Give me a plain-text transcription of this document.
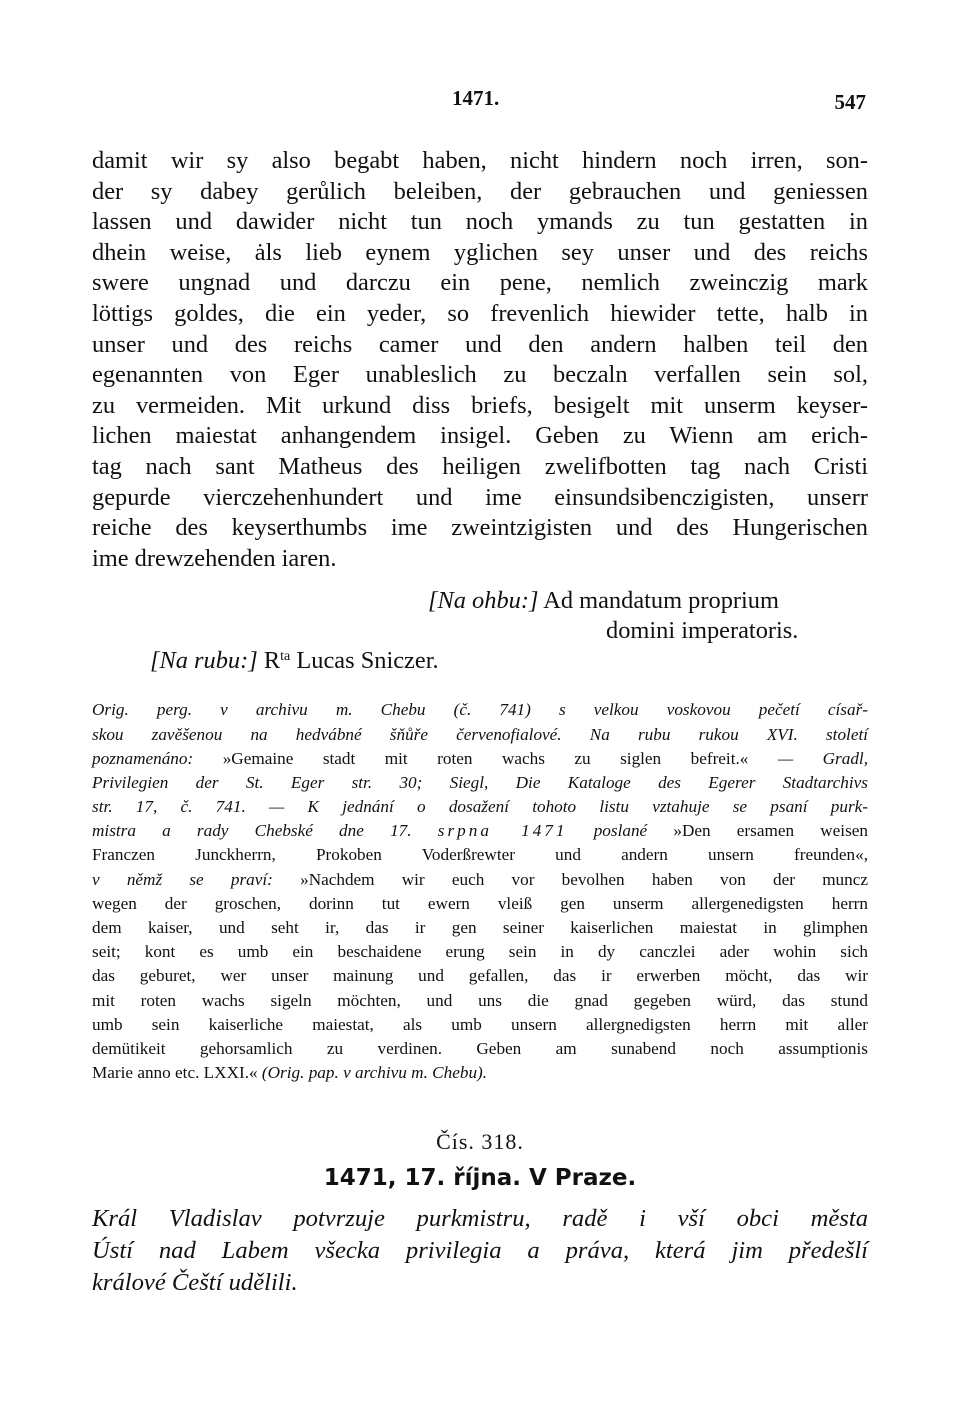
1471.	547
damit wir sy also begabt haben, nicht hindern noch irren, son-
der sy dabey gerůlich beleiben, der gebrauchen und geniessen
lassen und dawider nicht tun noch ymands zu tun gestatten in
dhein weise, ȧls lieb eynem yglichen sey unser und des reichs
swere ungnad und darczu ein pene, nemlich zweinczig mark
löttigs goldes, die ein yeder, so frevenlich hiewider tette, halb in
unser und des reichs camer und den andern halben teil den
egenannten von Eger unableslich zu beczaln verfallen sein sol,
zu vermeiden. Mit urkund diss briefs, besigelt mit unserm keyser-
lichen maiestat anhangendem insigel. Geben zu Wienn am erich-
tag nach sant Matheus des heiligen zwelifbotten tag nach Cristi
gepurde vierczehenhundert und ime einsundsibenczigisten, unserr
reiche des keyserthumbs ime zweintzigisten und des Hungerischen
ime drewzehenden iaren.
[Na ohbu:] Ad mandatum proprium
domini imperatoris.
[Na rubu:] $R^{ta}$ Lucas Sniczer.
Orig. perg. v archivu m. Chebu (č. 741) s velkou voskovou pečetí císař-
skou zavěšenou na hedvábné šňůře červenofialové. Na rubu rukou XVI. století
poznamenáno: »Gemaine stadt mit roten wachs zu siglen befreit.« — Gradl,
Privilegien der St. Eger str. 30; Siegl, Die Kataloge des Egerer Stadtarchivs
str. 17, č. 741. — K jednání o dosažení tohoto listu vztahuje se psaní purk-
mistra a rady Chebské dne 17. srpna 1471 poslané »Den ersamen weisen
Franczen Junckherrn, Prokoben Voderßrewter und andern unsern freunden«,
v němž se praví: »Nachdem wir euch vor bevolhen haben von der muncz
wegen der groschen, dorinn tut ewern vleiß gen unserm allergenedigsten herrn
dem kaiser, und seht ir, das ir gen seiner kaiserlichen maiestat in glimphen
seit; kont es umb ein beschaidene erung sein in dy canczlei ader wohin sich
das geburet, wer unser mainung und gefallen, das ir erwerben möcht, das wir
mit roten wachs sigeln möchten, und uns die gnad gegeben würd, das stund
umb sein kaiserliche maiestat, als umb unsern allergnedigsten herrn mit aller
demütikeit gehorsamlich zu verdinen. Geben am sunabend noch assumptionis
Marie anno etc. LXXI.« (Orig. pap. v archivu m. Chebu).
Čís. 318.
1471, 17. října. V Praze.
Král Vladislav potvrzuje purkmistru, radě i vší obci města
Ústí nad Labem všecka privilegia a práva, která jim předešlí
králové Čeští udělili.
